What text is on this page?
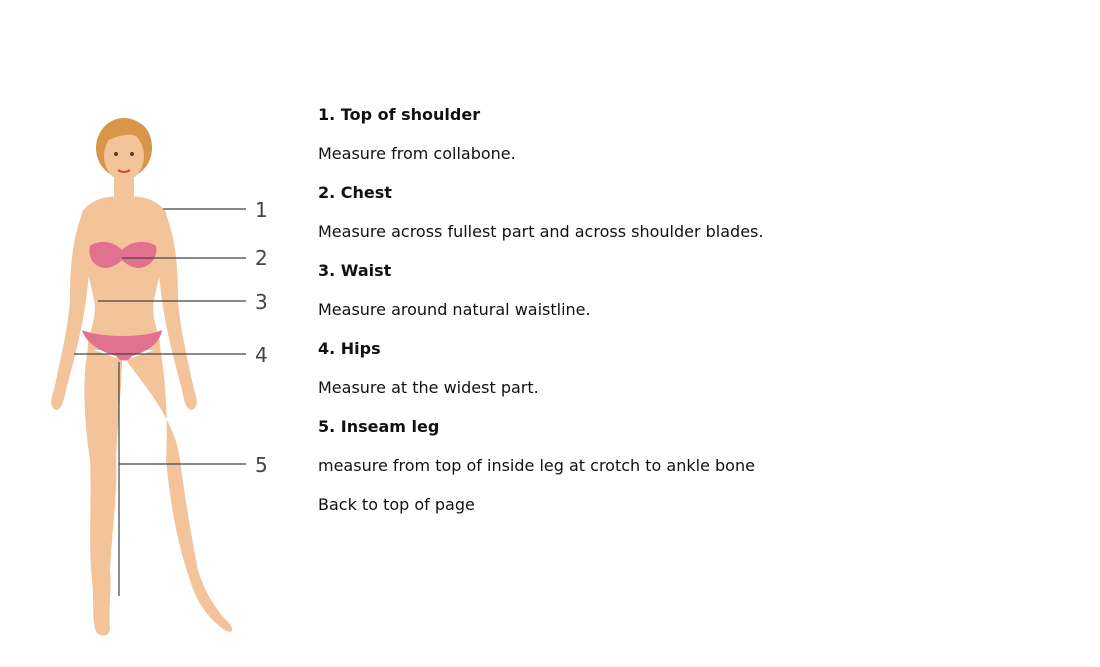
1
2
3
4
5
1. Top of shoulder
Measure from collabone.
2. Chest
Measure across fullest part and across shoulder blades.
3. Waist
Measure around natural waistline.
4. Hips
Measure at the widest part.
5. Inseam leg
measure from top of inside leg at crotch to ankle bone
Back to top of page
